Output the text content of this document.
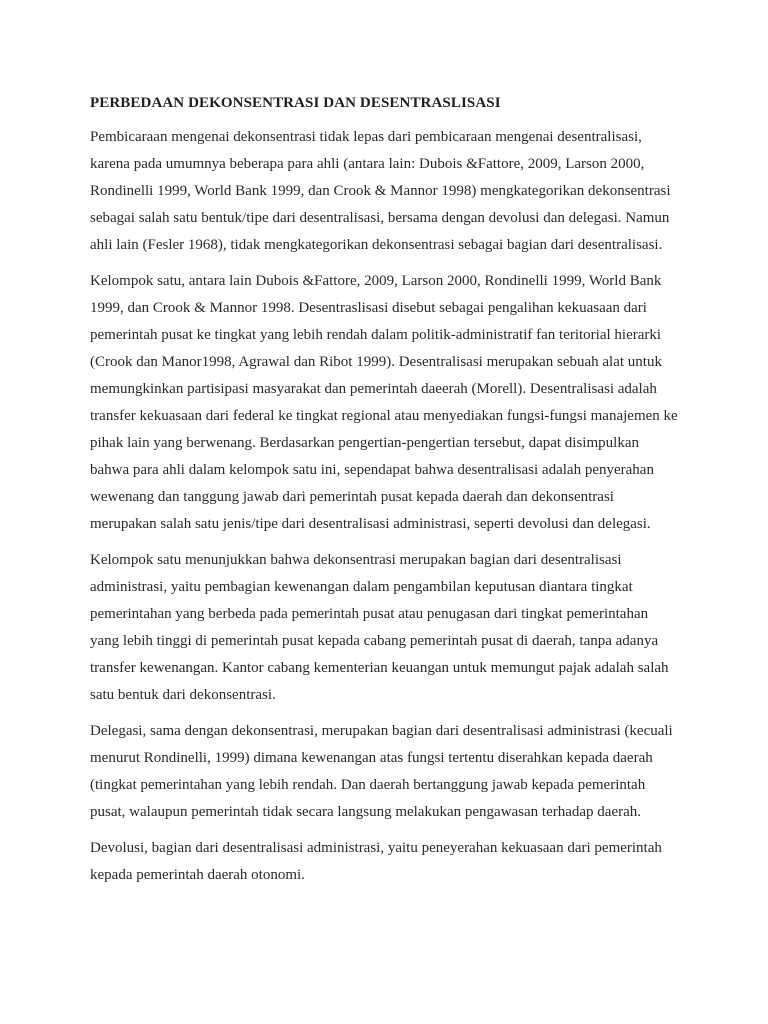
PERBEDAAN DEKONSENTRASI DAN DESENTRASLISASI

Pembicaraan mengenai dekonsentrasi tidak lepas dari pembicaraan mengenai desentralisasi, karena pada umumnya beberapa para ahli (antara lain: Dubois &Fattore, 2009, Larson 2000, Rondinelli 1999, World Bank 1999, dan Crook & Mannor 1998) mengkategorikan dekonsentrasi sebagai salah satu bentuk/tipe dari desentralisasi, bersama dengan devolusi dan delegasi. Namun ahli lain (Fesler 1968), tidak mengkategorikan dekonsentrasi sebagai bagian dari desentralisasi.

Kelompok satu, antara lain Dubois &Fattore, 2009, Larson 2000, Rondinelli 1999, World Bank 1999, dan Crook & Mannor 1998. Desentraslisasi disebut sebagai pengalihan kekuasaan dari pemerintah pusat ke tingkat yang lebih rendah dalam politik-administratif fan teritorial hierarki (Crook dan Manor1998, Agrawal dan Ribot 1999). Desentralisasi merupakan sebuah alat untuk memungkinkan partisipasi masyarakat dan pemerintah daeerah (Morell). Desentralisasi adalah transfer kekuasaan dari federal ke tingkat regional atau menyediakan fungsi-fungsi manajemen ke pihak lain yang berwenang. Berdasarkan pengertian-pengertian tersebut, dapat disimpulkan bahwa para ahli dalam kelompok satu ini, sependapat bahwa desentralisasi adalah penyerahan wewenang dan tanggung jawab dari pemerintah pusat kepada daerah dan dekonsentrasi merupakan salah satu jenis/tipe dari desentralisasi administrasi, seperti devolusi dan delegasi.

Kelompok satu menunjukkan bahwa dekonsentrasi merupakan bagian dari desentralisasi administrasi, yaitu pembagian kewenangan dalam pengambilan keputusan diantara tingkat pemerintahan yang berbeda pada pemerintah pusat atau penugasan dari tingkat pemerintahan yang lebih tinggi di pemerintah pusat kepada cabang pemerintah pusat di daerah, tanpa adanya transfer kewenangan. Kantor cabang kementerian keuangan untuk memungut pajak adalah salah satu bentuk dari dekonsentrasi.

Delegasi, sama dengan dekonsentrasi, merupakan bagian dari desentralisasi administrasi (kecuali menurut Rondinelli, 1999) dimana kewenangan atas fungsi tertentu diserahkan kepada daerah (tingkat pemerintahan yang lebih rendah. Dan daerah bertanggung jawab kepada pemerintah pusat, walaupun pemerintah tidak secara langsung melakukan pengawasan terhadap daerah.

Devolusi, bagian dari desentralisasi administrasi, yaitu peneyerahan kekuasaan dari pemerintah kepada pemerintah daerah otonomi.
